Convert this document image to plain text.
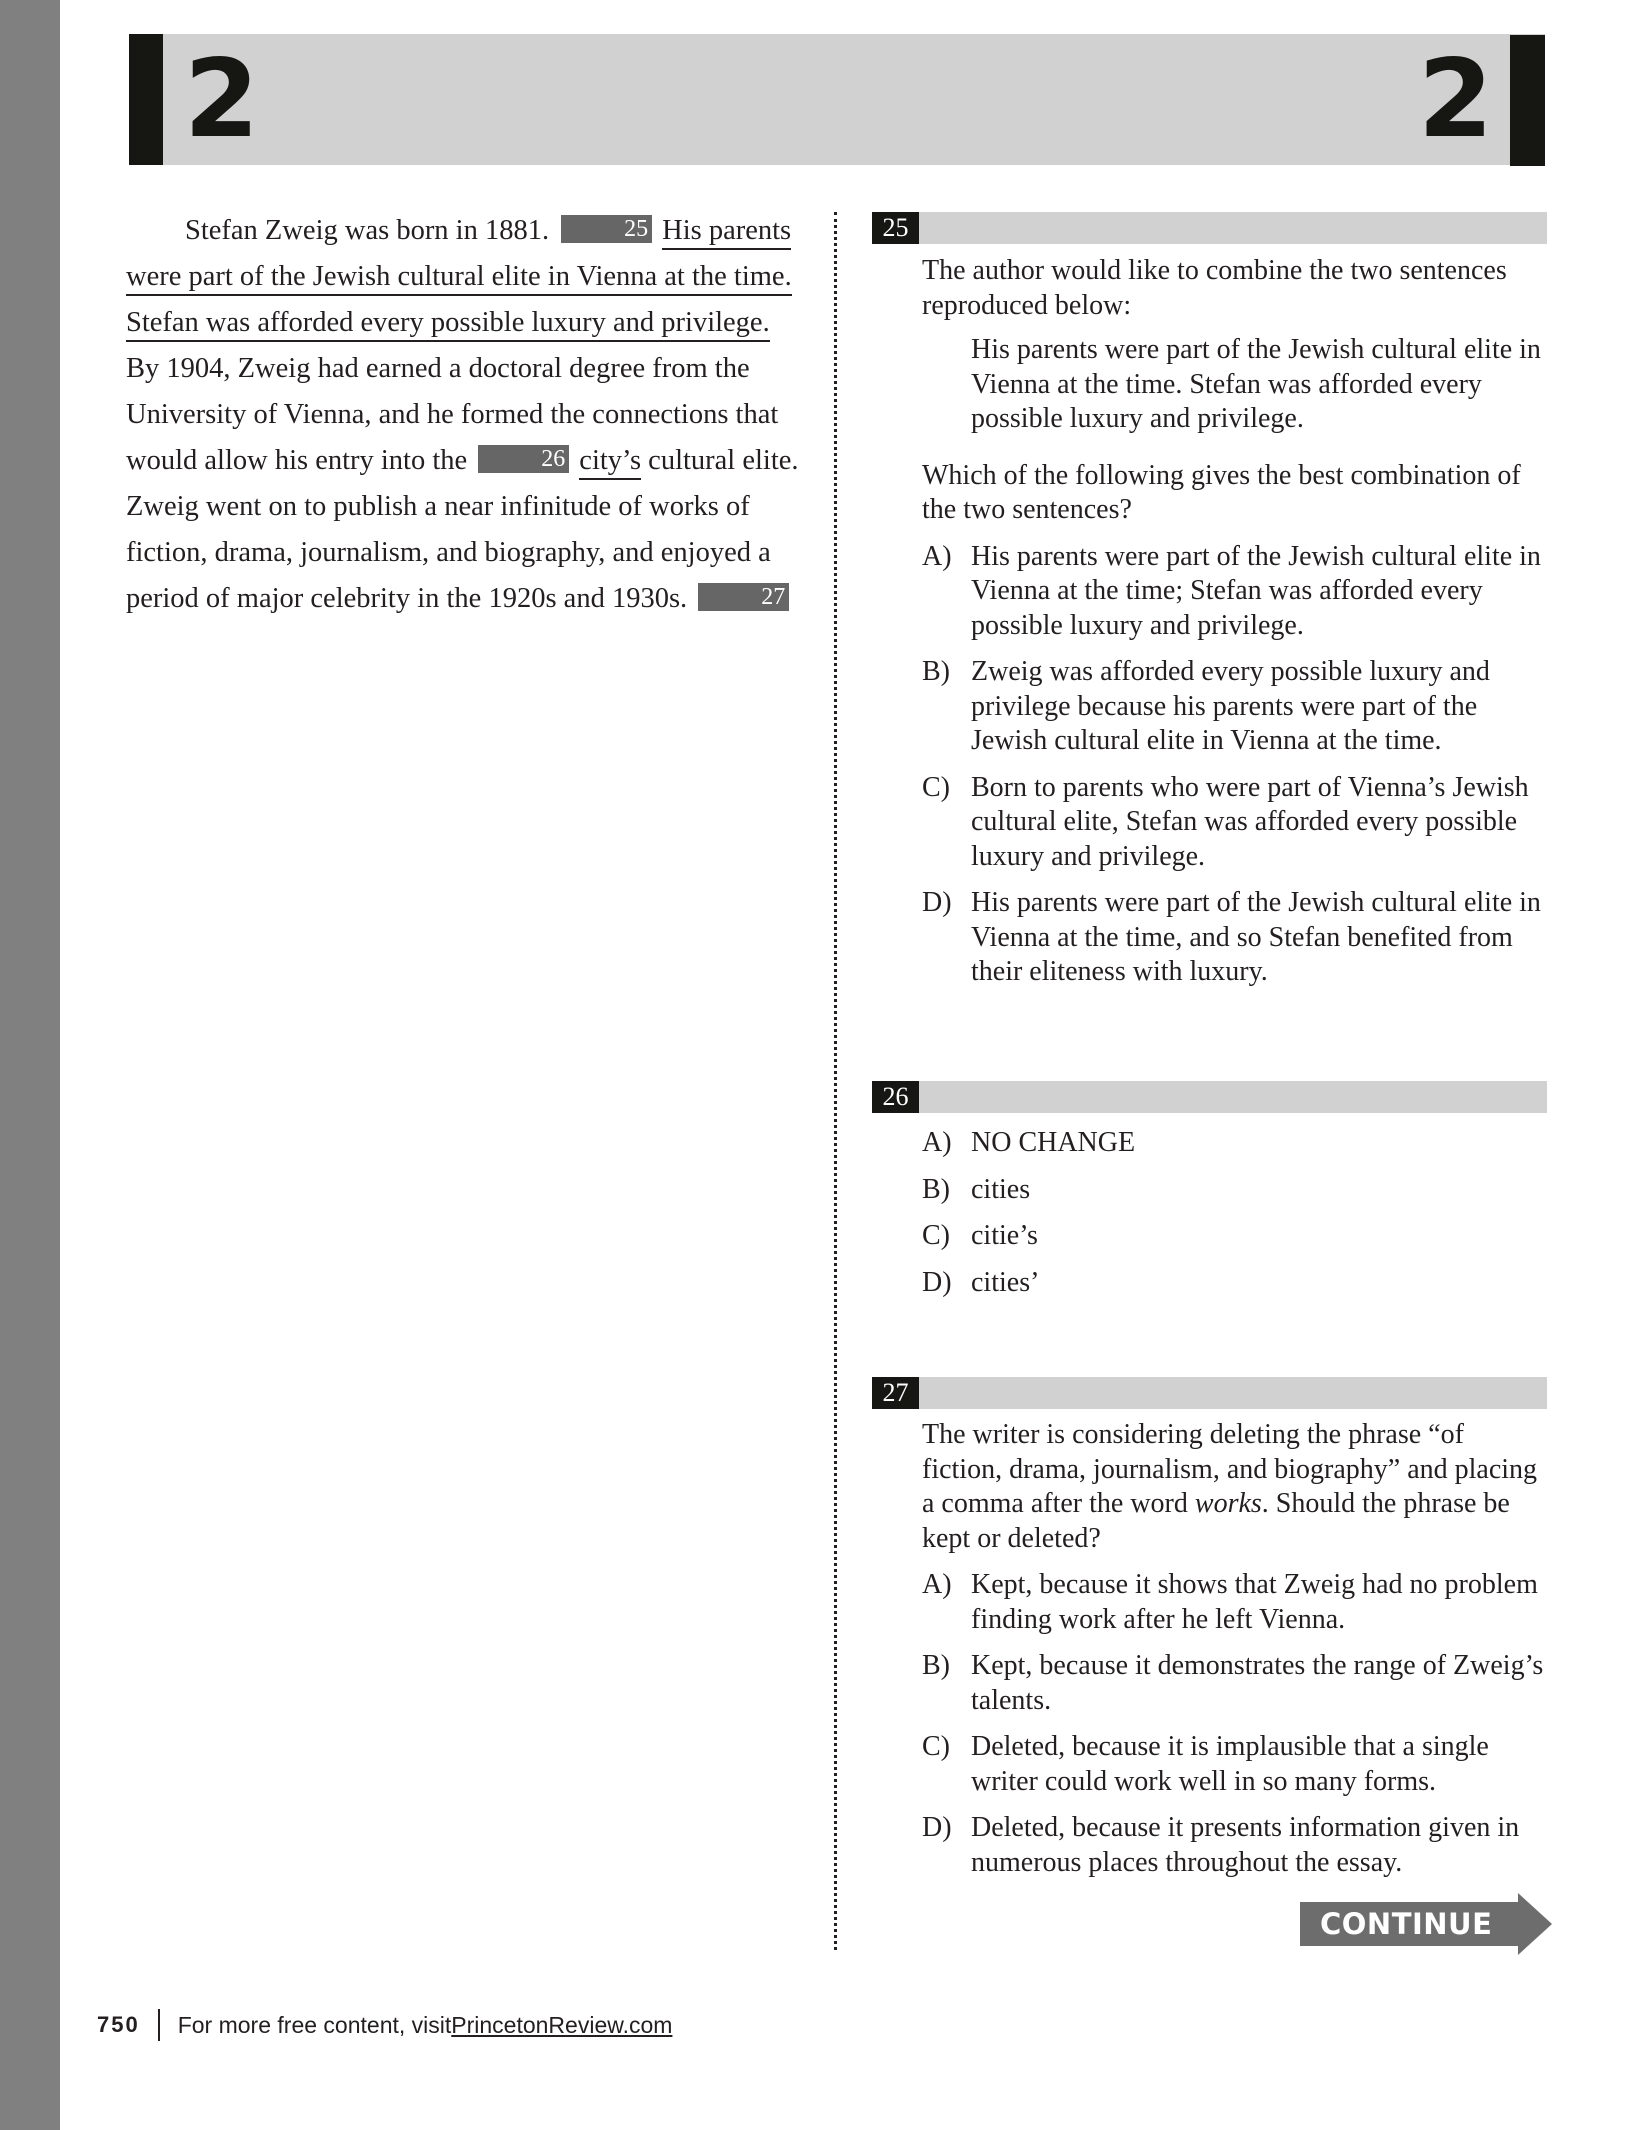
2	2

Stefan Zweig was born in 1881.	25 His parents were part of the Jewish cultural elite in Vienna at the time. Stefan was afforded every possible luxury and privilege. By 1904, Zweig had earned a doctoral degree from the University of Vienna, and he formed the connections that would allow his entry into the	26 city’s cultural elite. Zweig went on to publish a near infinitude of works of fiction, drama, journalism, and biography, and enjoyed a period of major celebrity in the 1920s and 1930s.	27

25

The author would like to combine the two sentences reproduced below:

His parents were part of the Jewish cultural elite in Vienna at the time. Stefan was afforded every possible luxury and privilege.

Which of the following gives the best combination of the two sentences?

A) His parents were part of the Jewish cultural elite in Vienna at the time; Stefan was afforded every possible luxury and privilege.
B) Zweig was afforded every possible luxury and privilege because his parents were part of the Jewish cultural elite in Vienna at the time.
C) Born to parents who were part of Vienna’s Jewish cultural elite, Stefan was afforded every possible luxury and privilege.
D) His parents were part of the Jewish cultural elite in Vienna at the time, and so Stefan benefited from their eliteness with luxury.
26
A) NO CHANGE
B) cities
C) citie’s
D) cities’
27

The writer is considering deleting the phrase “of fiction, drama, journalism, and biography” and placing a comma after the word works. Should the phrase be kept or deleted?

A) Kept, because it shows that Zweig had no problem finding work after he left Vienna.
B) Kept, because it demonstrates the range of Zweig’s talents.
C) Deleted, because it is implausible that a single writer could work well in so many forms.
D) Deleted, because it presents information given in numerous places throughout the essay.
CONTINUE
750 For more free content, visit PrincetonReview.com
